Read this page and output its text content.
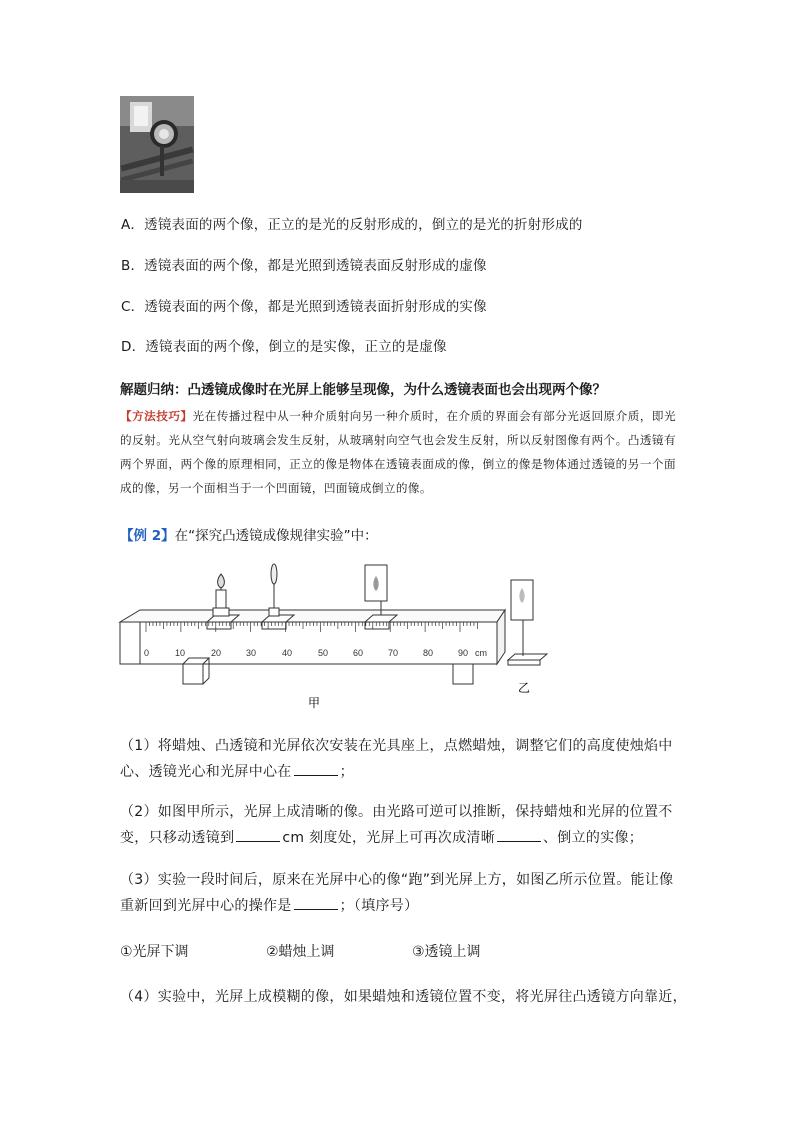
A．透镜表面的两个像，正立的是光的反射形成的，倒立的是光的折射形成的
B．透镜表面的两个像，都是光照到透镜表面反射形成的虚像
C．透镜表面的两个像，都是光照到透镜表面折射形成的实像
D．透镜表面的两个像，倒立的是实像，正立的是虚像
解题归纳：凸透镜成像时在光屏上能够呈现像，为什么透镜表面也会出现两个像？
【方法技巧】光在传播过程中从一种介质射向另一种介质时，在介质的界面会有部分光返回原介质，即光的反射。光从空气射向玻璃会发生反射，从玻璃射向空气也会发生反射，所以反射图像有两个。凸透镜有两个界面，两个像的原理相同，正立的像是物体在透镜表面成的像，倒立的像是物体通过透镜的另一个面成的像，另一个面相当于一个凹面镜，凹面镜成倒立的像。
【例 2】在“探究凸透镜成像规律实验”中：
0	10	20	30	40	50	60	70	80	90 cm
甲
乙
（1）将蜡烛、凸透镜和光屏依次安装在光具座上，点燃蜡烛，调整它们的高度使烛焰中心、透镜光心和光屏中心在	；
（2）如图甲所示，光屏上成清晰的像。由光路可逆可以推断，保持蜡烛和光屏的位置不变，只移动透镜到	cm 刻度处，光屏上可再次成清晰	、倒立的实像；
（3）实验一段时间后，原来在光屏中心的像“跑”到光屏上方，如图乙所示位置。能让像重新回到光屏中心的操作是	；（填序号）
①光屏下调	②蜡烛上调	③透镜上调
（4）实验中，光屏上成模糊的像，如果蜡烛和透镜位置不变，将光屏往凸透镜方向靠近，
